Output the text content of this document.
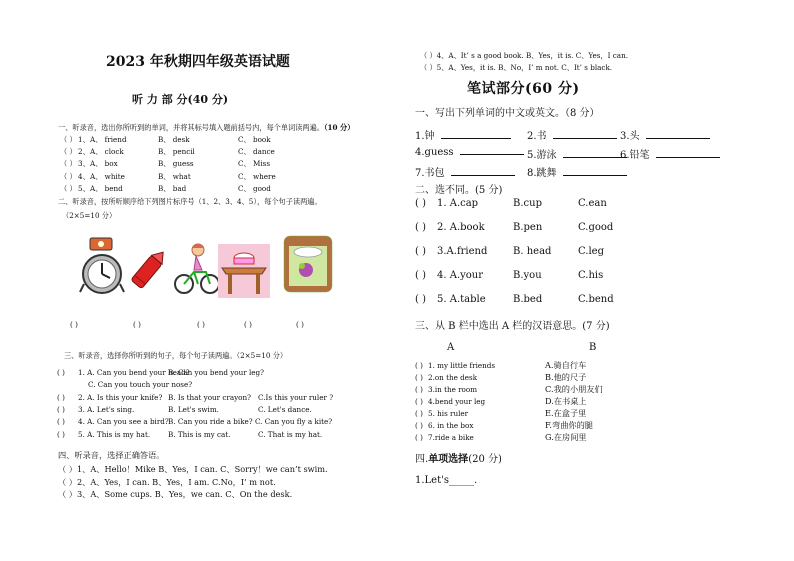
2023 年秋期四年级英语试题
听 力 部 分(40 分)
一、听录音，选出你所听到的单词，并将其标号填入题前括号内，每个单词读两遍。（10 分）
（ ） 1、 A、 friend	B、 desk	C、 book
（ ） 2、 A、 clock	B、 pencil	C、 dance
（ ） 3、 A、 box	B、 guess	C、 Miss
（ ） 4、 A、 white	B、 what	C、 where
（ ） 5、 A、 bend	B、 bad	C、 good
二、听录音，按所听顺序给下列图片标序号（1、2、3、4、5），每个句子读两遍。
（2×5=10 分）
( )	( )	( )	( )	( )
三、听录音，选择你所听到的句子，每个句子读两遍。（2×5=10 分）
( ) 1. A. Can you bend your head?
B. Can you bend your leg?
C. Can you touch your nose?
( ) 2. A. Is this your knife? B. Is that your crayon? C.Is this your ruler ?
( ) 3. A. Let's sing.	B. Let's swim.	C. Let's dance.
( ) 4. A. Can you see a bird? B. Can you ride a bike? C. Can you fly a kite?
( ) 5. A. This is my hat. B. This is my cat.	C. That is my hat.
四、听录音，选择正确答语。
（ ）1、A、Hello！Mike B、Yes，I can. C、Sorry！we can’t swim.
（ ）2、A、Yes，I can. B、Yes，I am. C.No，I’ m not.
（ ）3、A、Some cups. B、Yes，we can. C、On the desk.
（ ）4、A、It’ s a good book. B、Yes，it is. C、Yes，I can.
（ ）5、A、Yes，it is. B、No，I’ m not. C、It’ s black.
笔试部分(60 分)
一、写出下列单词的中文或英文。（8 分）
1.钟	2.书	3.头
4.guess	5.游泳	6.铅笔
7.书包	8.跳舞
二、选不同。(5 分)
( ) 1. A.cap	B.cup	C.ean
( ) 2. A.book	B.pen	C.good
( ) 3.A.friend	B. head	C.leg
( ) 4. A.your	B.you	C.his
( ) 5. A.table	B.bed	C.bend
三、从 B 栏中选出 A 栏的汉语意思。(7 分)
A	B
( ) 1. my little friends	A.骑自行车
( ) 2.on the desk	B.他的尺子
( ) 3.in the room	C.我的小朋友们
( ) 4.bend your leg	D.在书桌上
( ) 5. his ruler	E.在盒子里
( ) 6. in the box	F.弯曲你的腿
( ) 7.ride a bike	G.在房间里
四.单项选择(20 分)
1.Let's_____.
